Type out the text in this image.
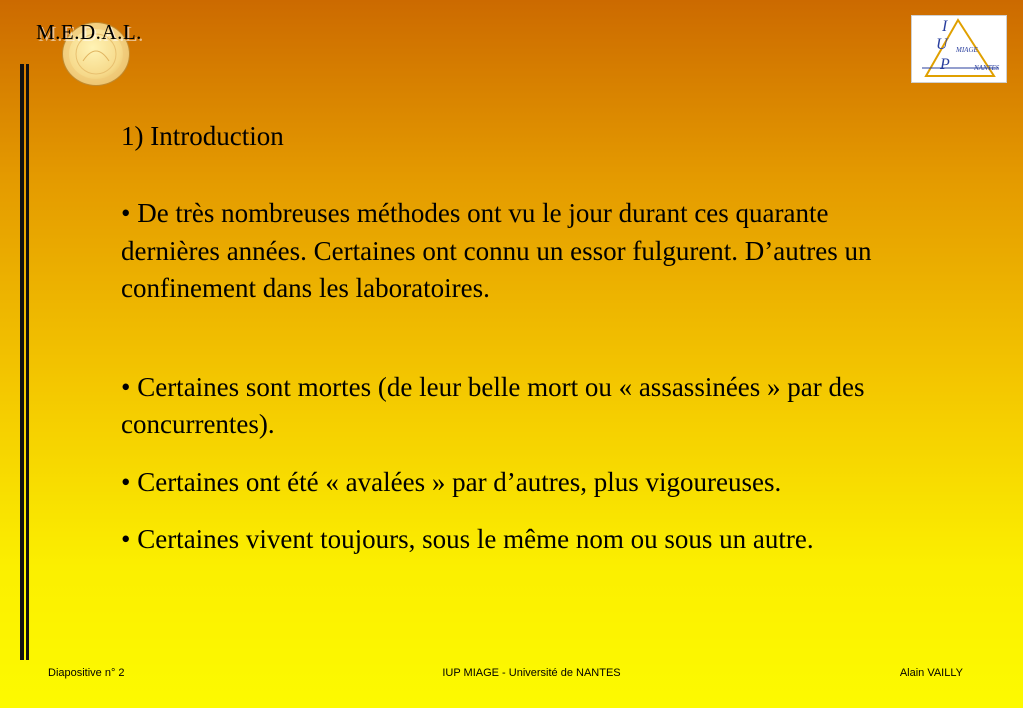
M.E.D.A.L.	I
U
P
MIAGE
NANTES

1) Introduction

• De très nombreuses méthodes ont vu le jour durant ces quarante dernières années. Certaines ont connu un essor fulgurent. D’autres un confinement dans les laboratoires.

• Certaines sont mortes (de leur belle mort ou « assassinées » par des concurrentes).

• Certaines ont été « avalées » par d’autres, plus vigoureuses.

• Certaines vivent toujours, sous le même nom ou sous un autre.

Diapositive n° 2	IUP MIAGE - Université de NANTES	Alain VAILLY
